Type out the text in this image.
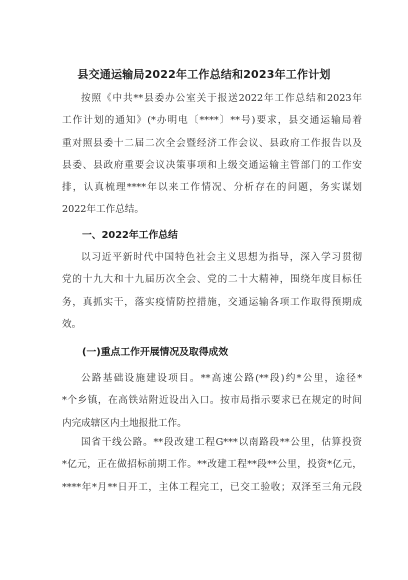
县交通运输局2022年工作总结和2023年工作计划
按照《中共**县委办公室关于报送2022年工作总结和2023年
工作计划的通知》(*办明电〔****〕**号)要求，县交通运输局着
重对照县委十二届二次全会暨经济工作会议、县政府工作报告以及
县委、县政府重要会议决策事项和上级交通运输主管部门的工作安
排，认真梳理****年以来工作情况、分析存在的问题，务实谋划
2022年工作总结。
一、2022年工作总结
以习近平新时代中国特色社会主义思想为指导，深入学习贯彻
党的十九大和十九届历次全会、党的二十大精神，围绕年度目标任
务，真抓实干，落实疫情防控措施，交通运输各项工作取得预期成
效。
(一)重点工作开展情况及取得成效
公路基础设施建设项目。**高速公路(**段)约*公里，途径*
*个乡镇，在高铁站附近设出入口。按市局指示要求已在规定的时间
内完成辖区内土地报批工作。
国省干线公路。**段改建工程G***以南路段**公里，估算投资
*亿元，正在做招标前期工作。**改建工程**段**公里，投资*亿元，
****年*月**日开工，主体工程完工，已交工验收；双泽至三角元段
